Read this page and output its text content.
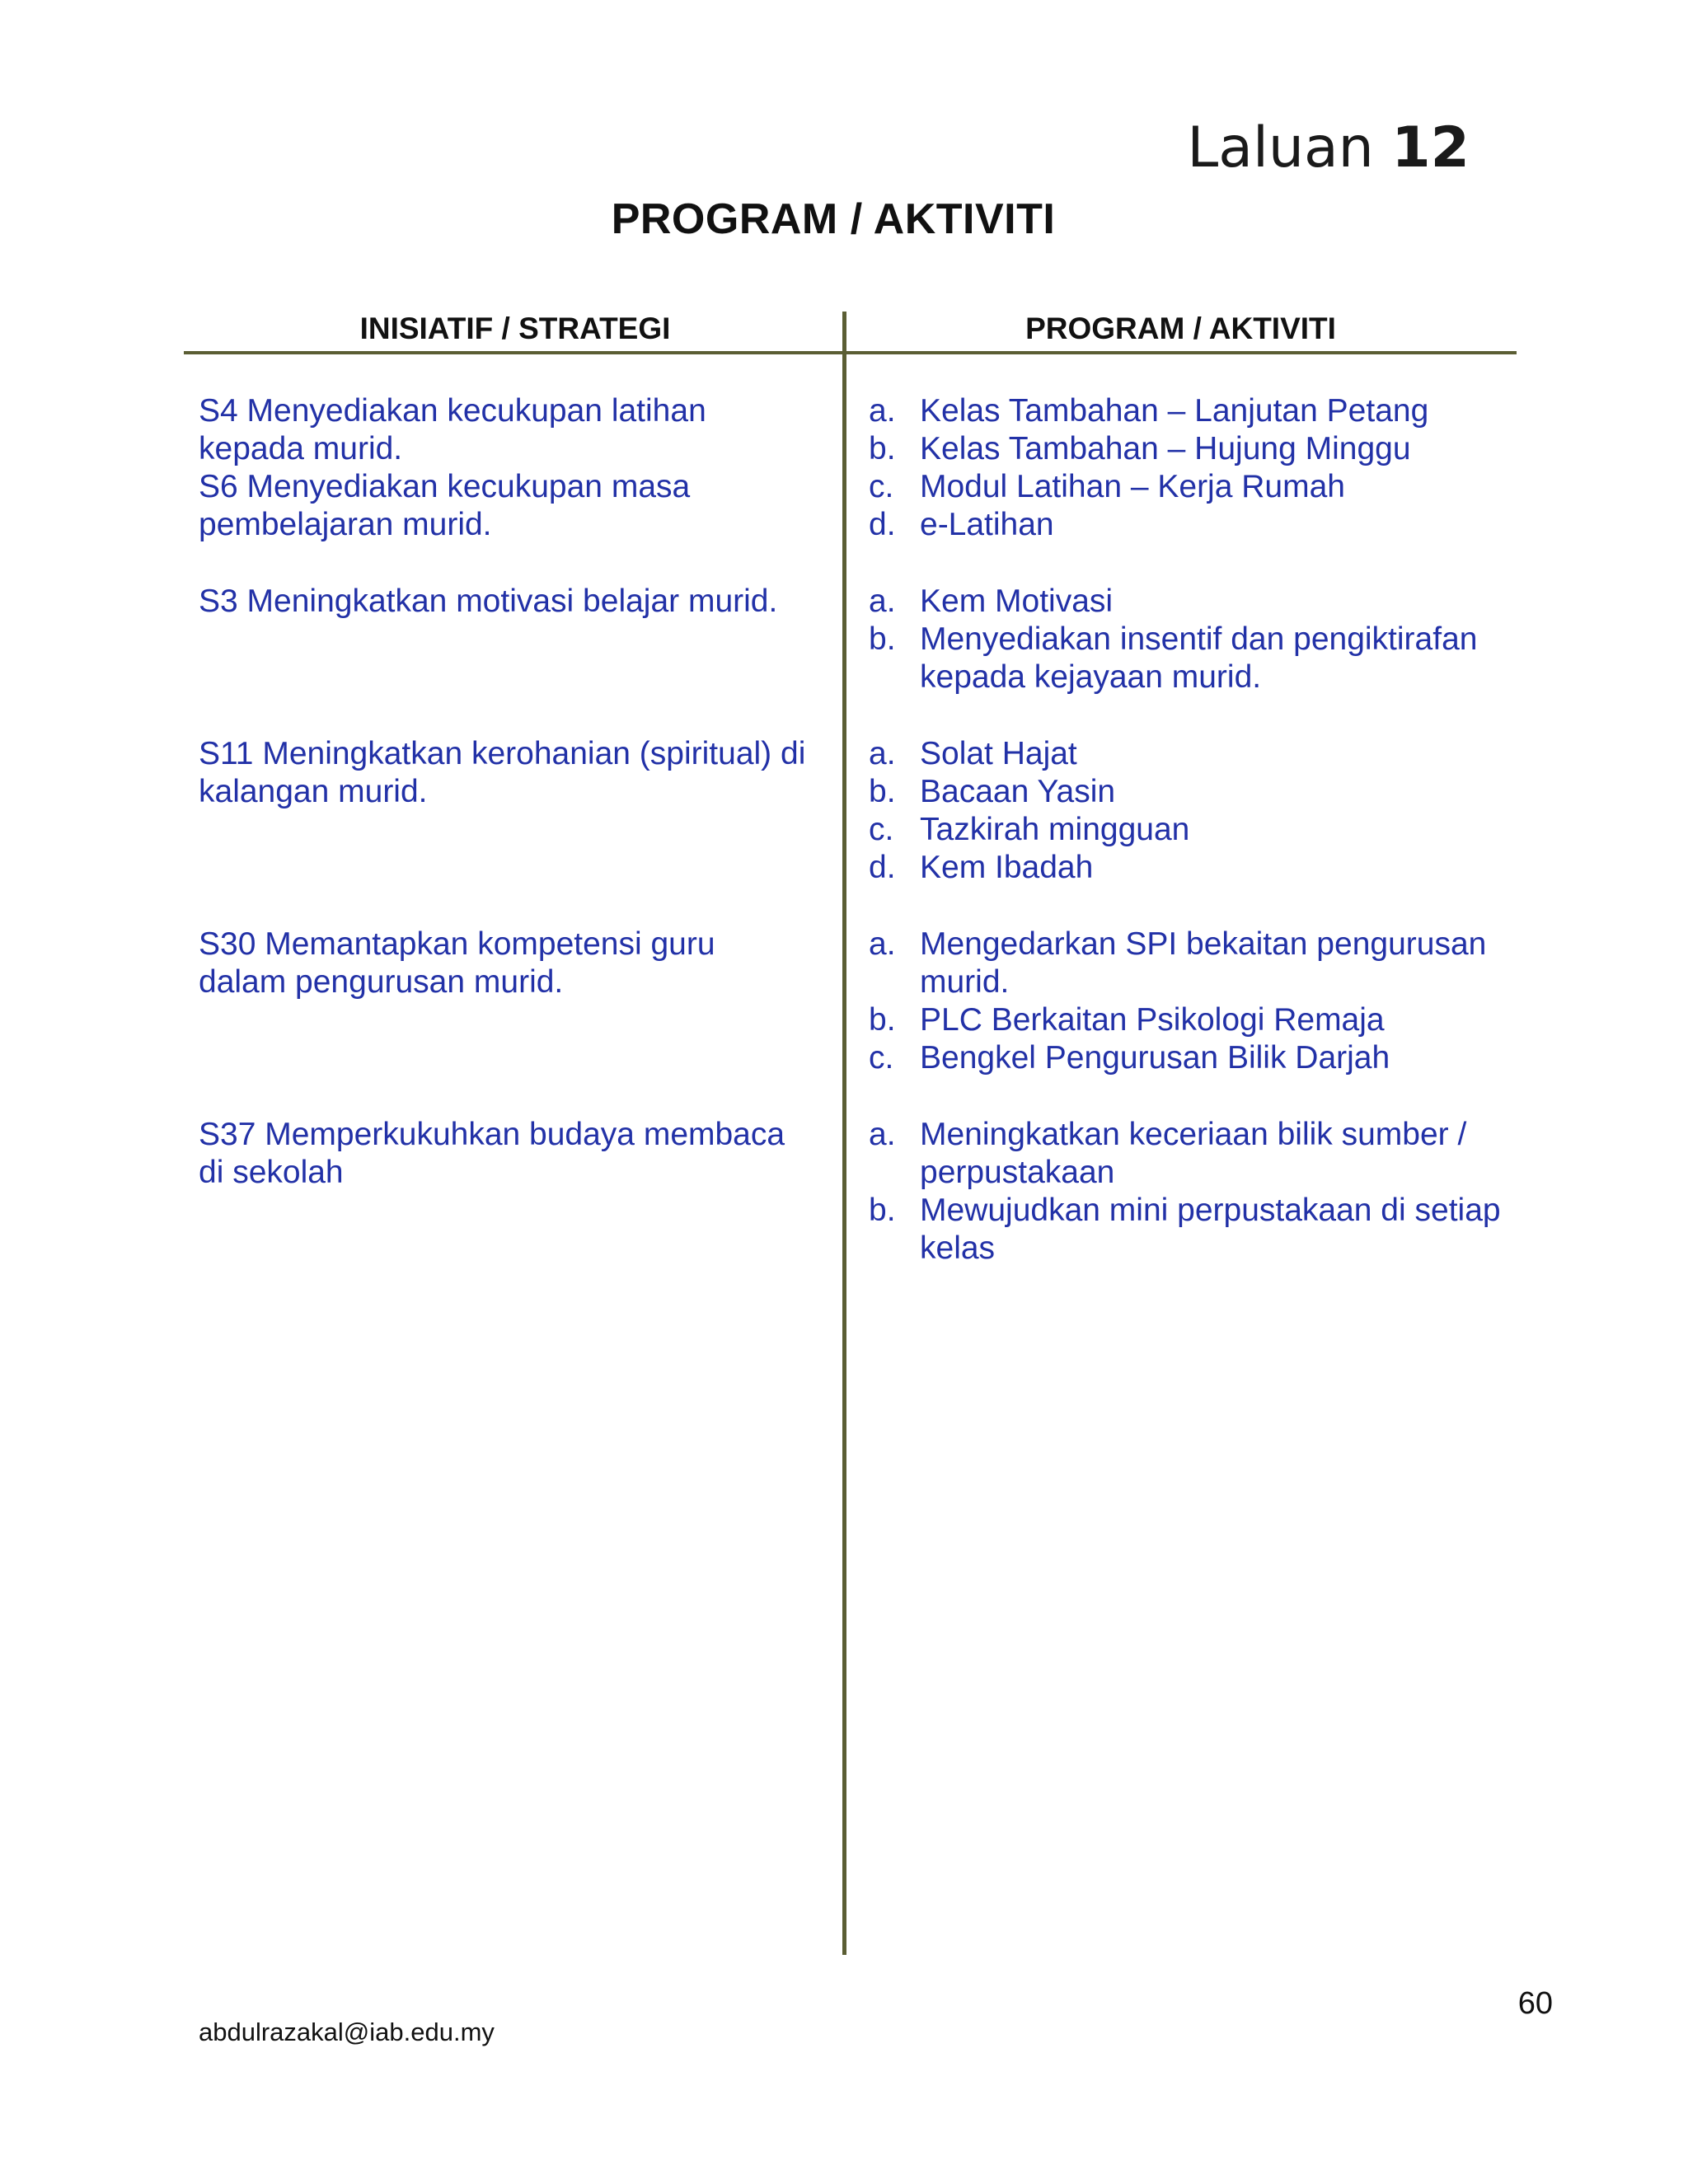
Laluan 12
PROGRAM / AKTIVITI
INISIATIF / STRATEGI	PROGRAM / AKTIVITI
S4 Menyediakan kecukupan latihan
kepada murid.
S6 Menyediakan kecukupan masa
pembelajaran murid.
a. Kelas Tambahan – Lanjutan Petang
b. Kelas Tambahan – Hujung Minggu
c. Modul Latihan – Kerja Rumah
d. e-Latihan
S3 Meningkatkan motivasi belajar murid.	a. Kem Motivasi
b. Menyediakan insentif dan pengiktirafan kepada kejayaan murid.
S11 Meningkatkan kerohanian (spiritual) di
kalangan murid.
a. Solat Hajat
b. Bacaan Yasin
c. Tazkirah mingguan
d. Kem Ibadah
S30 Memantapkan kompetensi guru
dalam pengurusan murid.
a. Mengedarkan SPI bekaitan pengurusan murid.
b. PLC Berkaitan Psikologi Remaja
c. Bengkel Pengurusan Bilik Darjah
S37 Memperkukuhkan budaya membaca
di sekolah
a. Meningkatkan keceriaan bilik sumber / perpustakaan
b. Mewujudkan mini perpustakaan di setiap kelas
60
abdulrazakal@iab.edu.my
